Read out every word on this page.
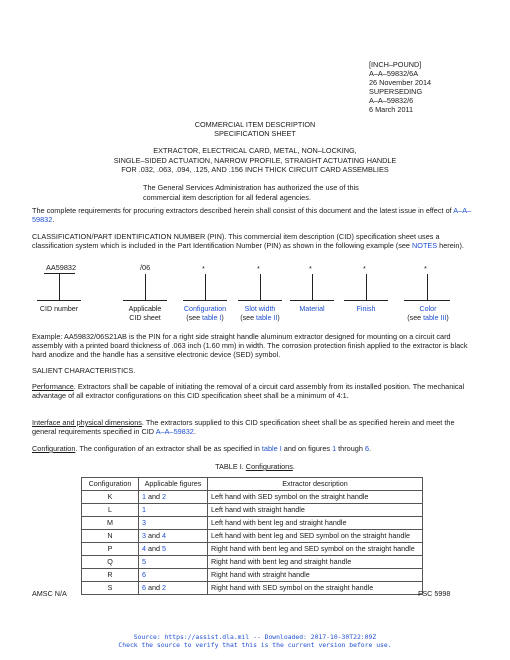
[INCH–POUND]
A–A–59832/6A
26 November 2014
SUPERSEDING
A–A–59832/6
6 March 2011
COMMERCIAL ITEM DESCRIPTION
SPECIFICATION SHEET
EXTRACTOR, ELECTRICAL CARD, METAL, NON–LOCKING,
SINGLE–SIDED ACTUATION, NARROW PROFILE, STRAIGHT ACTUATING HANDLE
FOR .032, .063, .094, .125, AND .156 INCH THICK CIRCUIT CARD ASSEMBLIES
The General Services Administration has authorized the use of this
commercial item description for all federal agencies.

The complete requirements for procuring extractors described herein shall consist of this document and the latest issue in effect of A–A–59832.

CLASSIFICATION/PART IDENTIFICATION NUMBER (PIN). This commercial item description (CID) specification sheet uses a classification system which is included in the Part Identification Number (PIN) as shown in the following example (see NOTES herein).

AA59832	/06	*	*	*	*	*
CID number	Applicable
CID sheet
Configuration
(see table I)
Slot width
(see table II)
Material	Finish	Color
(see table III)

Example: AA59832/06S21AB is the PIN for a right side straight handle aluminum extractor designed for mounting on a circuit card assembly with a printed board thickness of .063 inch (1.60 mm) in width. The corrosion protection finish applied to the extractor is black hard anodize and the handle has a sensitive electronic device (SED) symbol.

SALIENT CHARACTERISTICS.

Performance. Extractors shall be capable of initiating the removal of a circuit card assembly from its installed position. The mechanical advantage of all extractor configurations on this CID specification sheet shall be a minimum of 4:1.

Interface and physical dimensions. The extractors supplied to this CID specification sheet shall be as specified herein and meet the general requirements specified in CID A–A–59832.

Configuration. The configuration of an extractor shall be as specified in table I and on figures 1 through 6.

TABLE I. Configurations.
Configuration	Applicable figures	Extractor description
K	1 and 2	Left hand with SED symbol on the straight handle
L	1	Left hand with straight handle
M	3	Left hand with bent leg and straight handle
N	3 and 4	Left hand with bent leg and SED symbol on the straight handle
P	4 and 5	Right hand with bent leg and SED symbol on the straight handle
Q	5	Right hand with bent leg and straight handle
R	6	Right hand with straight handle
S	6 and 2	Right hand with SED symbol on the straight handle
AMSC N/A	FSC 5998
Source: https://assist.dla.mil -- Downloaded: 2017-10-30T22:09Z
Check the source to verify that this is the current version before use.
